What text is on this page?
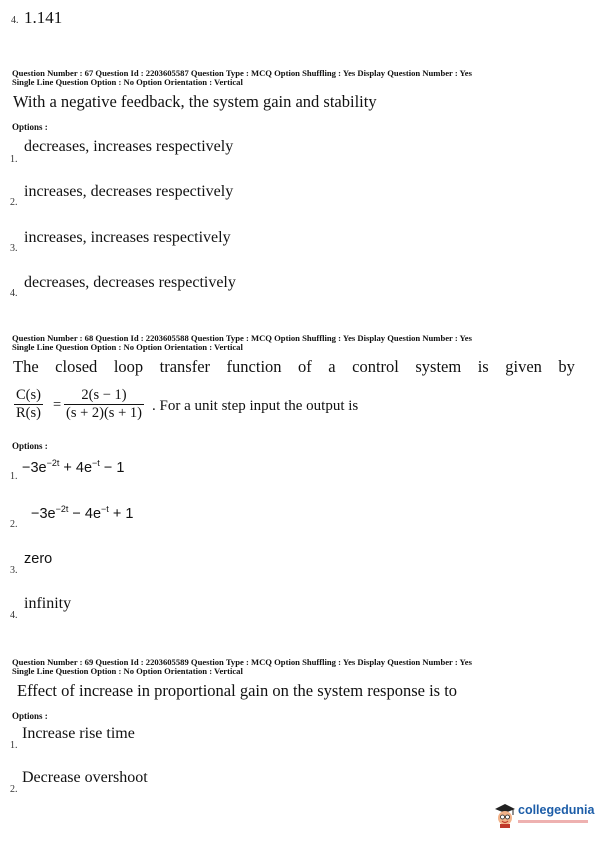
4. 1.141
Question Number : 67 Question Id : 2203605587 Question Type : MCQ Option Shuffling : Yes Display Question Number : Yes
Single Line Question Option : No Option Orientation : Vertical
With a negative feedback, the system gain and stability
Options :
1.
decreases, increases respectively
2.
increases, decreases respectively
3.
increases, increases respectively
4.
decreases, decreases respectively
Question Number : 68 Question Id : 2203605588 Question Type : MCQ Option Shuffling : Yes Display Question Number : Yes
Single Line Question Option : No Option Orientation : Vertical
The closed loop transfer function of a control system is given by
$\frac{C(s)}{R(s)} = \frac{2(s - 1)}{(s + 2)(s + 1)}$ . For a unit step input the output is
Options :
1.
$-3e^{-2t} + 4e^{-t} - 1$
2.
$-3e^{-2t} - 4e^{-t} + 1$
3.
zero
4.
infinity
Question Number : 69 Question Id : 2203605589 Question Type : MCQ Option Shuffling : Yes Display Question Number : Yes
Single Line Question Option : No Option Orientation : Vertical
Effect of increase in proportional gain on the system response is to
Options :
1.
Increase rise time
2.
Decrease overshoot
collegedunia
